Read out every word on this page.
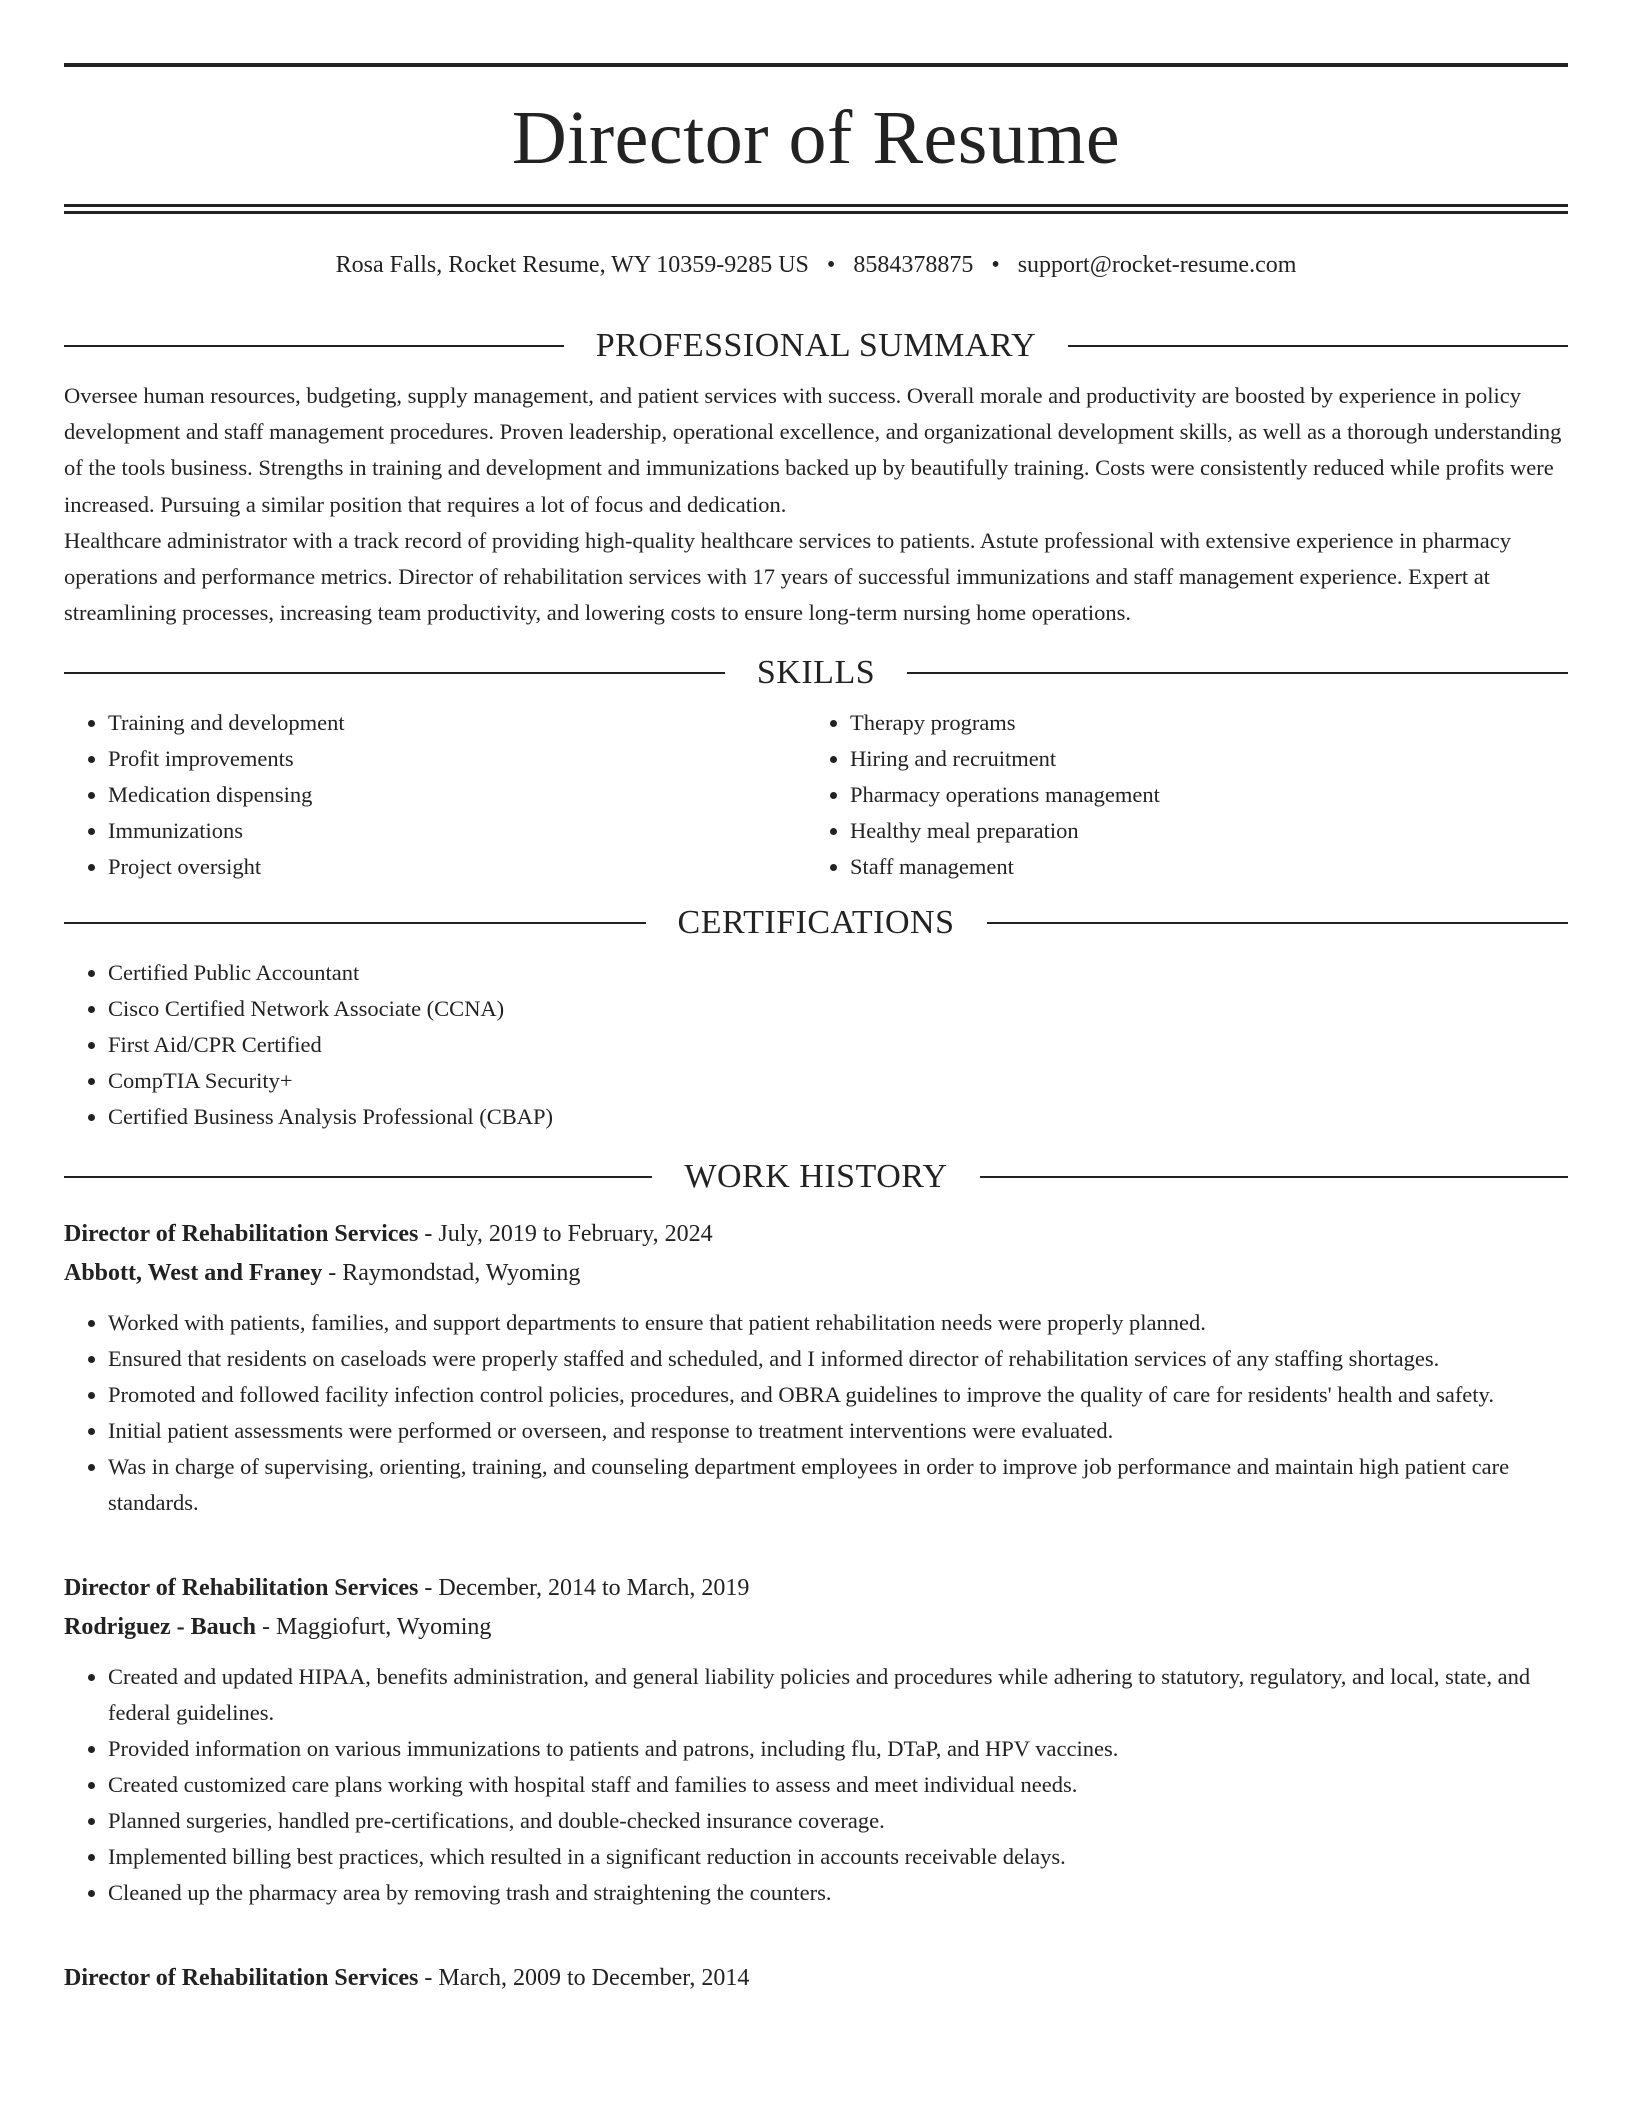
Director of Resume
Rosa Falls, Rocket Resume, WY 10359-9285 US • 8584378875 • support@rocket-resume.com
PROFESSIONAL SUMMARY

Oversee human resources, budgeting, supply management, and patient services with success. Overall morale and productivity are boosted by experience in policy development and staff management procedures. Proven leadership, operational excellence, and organizational development skills, as well as a thorough understanding of the tools business. Strengths in training and development and immunizations backed up by beautifully training. Costs were consistently reduced while profits were increased. Pursuing a similar position that requires a lot of focus and dedication.

Healthcare administrator with a track record of providing high-quality healthcare services to patients. Astute professional with extensive experience in pharmacy operations and performance metrics. Director of rehabilitation services with 17 years of successful immunizations and staff management experience. Expert at streamlining processes, increasing team productivity, and lowering costs to ensure long-term nursing home operations.

SKILLS
• Training and development
• Profit improvements
• Medication dispensing
• Immunizations
• Project oversight
• Therapy programs
• Hiring and recruitment
• Pharmacy operations management
• Healthy meal preparation
• Staff management
CERTIFICATIONS
• Certified Public Accountant
• Cisco Certified Network Associate (CCNA)
• First Aid/CPR Certified
• CompTIA Security+
• Certified Business Analysis Professional (CBAP)
WORK HISTORY
Director of Rehabilitation Services - July, 2019 to February, 2024
Abbott, West and Franey - Raymondstad, Wyoming
• Worked with patients, families, and support departments to ensure that patient rehabilitation needs were properly planned.
• Ensured that residents on caseloads were properly staffed and scheduled, and I informed director of rehabilitation services of any staffing shortages.
• Promoted and followed facility infection control policies, procedures, and OBRA guidelines to improve the quality of care for residents' health and safety.
• Initial patient assessments were performed or overseen, and response to treatment interventions were evaluated.
• Was in charge of supervising, orienting, training, and counseling department employees in order to improve job performance and maintain high patient care standards.
Director of Rehabilitation Services - December, 2014 to March, 2019
Rodriguez - Bauch - Maggiofurt, Wyoming
• Created and updated HIPAA, benefits administration, and general liability policies and procedures while adhering to statutory, regulatory, and local, state, and federal guidelines.
• Provided information on various immunizations to patients and patrons, including flu, DTaP, and HPV vaccines.
• Created customized care plans working with hospital staff and families to assess and meet individual needs.
• Planned surgeries, handled pre-certifications, and double-checked insurance coverage.
• Implemented billing best practices, which resulted in a significant reduction in accounts receivable delays.
• Cleaned up the pharmacy area by removing trash and straightening the counters.
Director of Rehabilitation Services - March, 2009 to December, 2014
